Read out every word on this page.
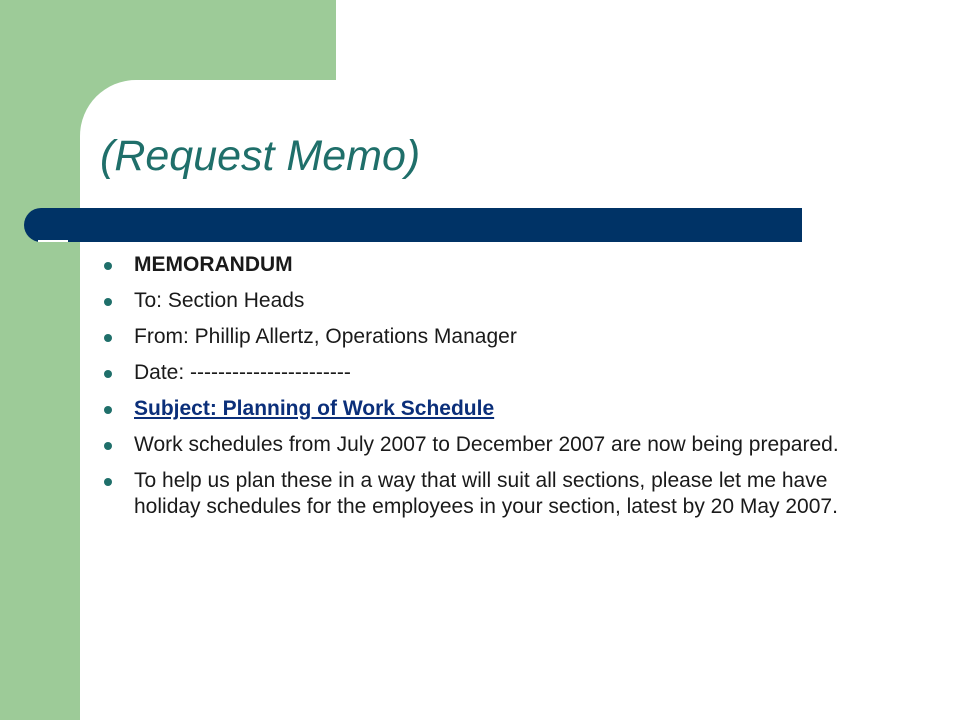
(Request Memo)
MEMORANDUM
To: Section Heads
From: Phillip Allertz, Operations Manager
Date: -----------------------
Subject: Planning of Work Schedule
Work schedules from July 2007 to December 2007 are now being prepared.
To help us plan these in a way that will suit all sections, please let me have holiday schedules for the employees in your section, latest by 20 May 2007.
